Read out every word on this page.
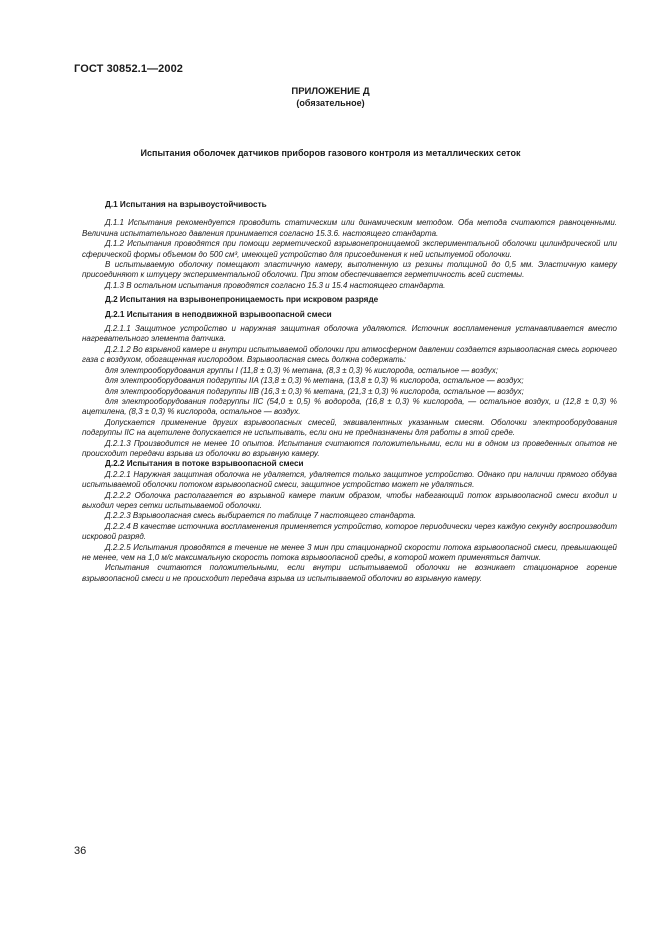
ГОСТ 30852.1—2002
ПРИЛОЖЕНИЕ Д
(обязательное)
Испытания оболочек датчиков приборов газового контроля из металлических сеток
Д.1 Испытания на взрывоустойчивость

Д.1.1 Испытания рекомендуется проводить статическим или динамическим методом. Оба метода считаются равноценными. Величина испытательного давления принимается согласно 15.3.6. настоящего стандарта.

Д.1.2 Испытания проводятся при помощи герметической взрывонепроницаемой экспериментальной оболочки цилиндрической или сферической формы объемом до 500 см³, имеющей устройство для присоединения к ней испытуемой оболочки.

В испытываемую оболочку помещают эластичную камеру, выполненную из резины толщиной до 0,5 мм. Эластичную камеру присоединяют к штуцеру экспериментальной оболочки. При этом обеспечивается герметичность всей системы.

Д.1.3 В остальном испытания проводятся согласно 15.3 и 15.4 настоящего стандарта.

Д.2 Испытания на взрывонепроницаемость при искровом разряде
Д.2.1 Испытания в неподвижной взрывоопасной смеси

Д.2.1.1 Защитное устройство и наружная защитная оболочка удаляются. Источник воспламенения устанавливается вместо нагревательного элемента датчика.

Д.2.1.2 Во взрывной камере и внутри испытываемой оболочки при атмосферном давлении создается взрывоопасная смесь горючего газа с воздухом, обогащенная кислородом. Взрывоопасная смесь должна содержать:

для электрооборудования группы I (11,8 ± 0,3) % метана, (8,3 ± 0,3) % кислорода, остальное — воздух;

для электрооборудования подгруппы IIA (13,8 ± 0,3) % метана, (13,8 ± 0,3) % кислорода, остальное — воздух;

для электрооборудования подгруппы IIB (16,3 ± 0,3) % метана, (21,3 ± 0,3) % кислорода, остальное — воздух;

для электрооборудования подгруппы IIC (54,0 ± 0,5) % водорода, (16,8 ± 0,3) % кислорода, — остальное воздух, и (12,8 ± 0,3) % ацетилена, (8,3 ± 0,3) % кислорода, остальное — воздух.

Допускается применение других взрывоопасных смесей, эквивалентных указанным смесям. Оболочки электрооборудования подгруппы IIC на ацетилене допускается не испытывать, если они не предназначены для работы в этой среде.

Д.2.1.3 Производится не менее 10 опытов. Испытания считаются положительными, если ни в одном из проведенных опытов не происходит передачи взрыва из оболочки во взрывную камеру.

Д.2.2 Испытания в потоке взрывоопасной смеси

Д.2.2.1 Наружная защитная оболочка не удаляется, удаляется только защитное устройство. Однако при наличии прямого обдува испытываемой оболочки потоком взрывоопасной смеси, защитное устройство может не удаляться.

Д.2.2.2 Оболочка располагается во взрывной камере таким образом, чтобы набегающий поток взрывоопасной смеси входил и выходил через сетки испытываемой оболочки.

Д.2.2.3 Взрывоопасная смесь выбирается по таблице 7 настоящего стандарта.

Д.2.2.4 В качестве источника воспламенения применяется устройство, которое периодически через каждую секунду воспроизводит искровой разряд.

Д.2.2.5 Испытания проводятся в течение не менее 3 мин при стационарной скорости потока взрывоопасной смеси, превышающей не менее, чем на 1,0 м/с максимальную скорость потока взрывоопасной среды, в которой может применяться датчик.

Испытания считаются положительными, если внутри испытываемой оболочки не возникает стационарное горение взрывоопасной смеси и не происходит передача взрыва из испытываемой оболочки во взрывную камеру.

36
